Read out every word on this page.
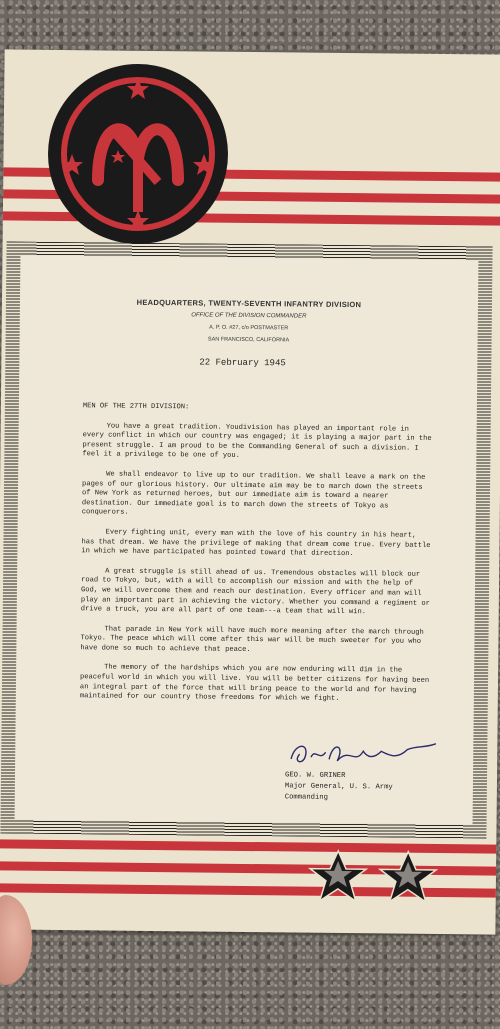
HEADQUARTERS, TWENTY-SEVENTH INFANTRY DIVISION
OFFICE OF THE DIVISION COMMANDER
A. P. O. #27, c/o POSTMASTER
SAN FRANCISCO, CALIFORNIA
22 February 1945

MEN OF THE 27TH DIVISION:

You have a great tradition. Youdivision has played an important role in every conflict in which our country was engaged; it is playing a major part in the present struggle. I am proud to be the Commanding General of such a division. I feel it a privilege to be one of you.

We shall endeavor to live up to our tradition. We shall leave a mark on the pages of our glorious history. Our ultimate aim may be to march down the streets of New York as returned heroes, but our immediate aim is toward a nearer destination. Our immediate goal is to march down the streets of Tokyo as conquerors.

Every fighting unit, every man with the love of his country in his heart, has that dream. We have the privilege of making that dream come true. Every battle in which we have participated has pointed toward that direction.

A great struggle is still ahead of us. Tremendous obstacles will block our road to Tokyo, but, with a will to accomplish our mission and with the help of God, we will overcome them and reach our destination. Every officer and man will play an important part in achieving the victory. Whether you command a regiment or drive a truck, you are all part of one team---a team that will win.

That parade in New York will have much more meaning after the march through Tokyo. The peace which will come after this war will be much sweeter for you who have done so much to achieve that peace.

The memory of the hardships which you are now enduring will dim in the peaceful world in which you will live. You will be better citizens for having been an integral part of the force that will bring peace to the world and for having maintained for our country those freedoms for which we fight.

GEO. W. GRINER
Major General, U. S. Army
Commanding
